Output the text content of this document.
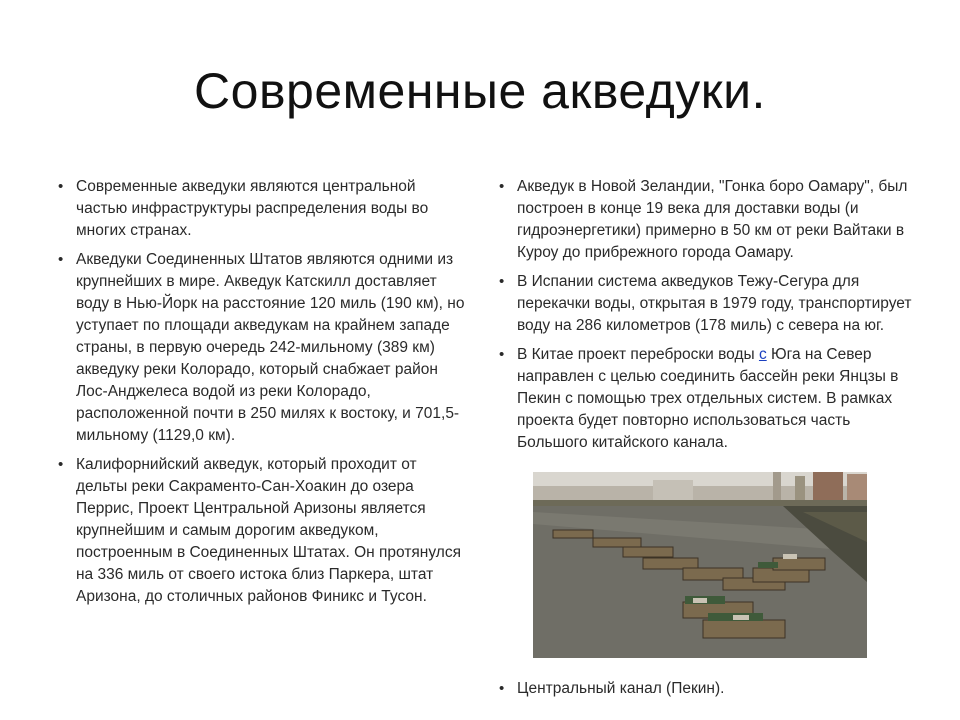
Современные акведуки.
• Современные акведуки являются центральной частью инфраструктуры распределения воды во многих странах.
• Акведуки Соединенных Штатов являются одними из крупнейших в мире. Акведук Катскилл доставляет воду в Нью-Йорк на расстояние 120 миль (190 км), но уступает по площади акведукам на крайнем западе страны, в первую очередь 242-мильному (389 км) акведуку реки Колорадо, который снабжает район Лос-Анджелеса водой из реки Колорадо, расположенной почти в 250 милях к востоку, и 701,5-мильному (1129,0 км).
• Калифорнийский акведук, который проходит от дельты реки Сакраменто-Сан-Хоакин до озера Перрис, Проект Центральной Аризоны является крупнейшим и самым дорогим акведуком, построенным в Соединенных Штатах. Он протянулся на 336 миль от своего истока близ Паркера, штат Аризона, до столичных районов Финикс и Тусон.
• Акведук в Новой Зеландии, "Гонка боро Оамару", был построен в конце 19 века для доставки воды (и гидроэнергетики) примерно в 50 км от реки Вайтаки в Куроу до прибрежного города Оамару.
• В Испании система акведуков Тежу-Сегура для перекачки воды, открытая в 1979 году, транспортирует воду на 286 километров (178 миль) с севера на юг.
• В Китае проект переброски воды с Юга на Север направлен с целью соединить бассейн реки Янцзы в Пекин с помощью трех отдельных систем. В рамках проекта будет повторно использоваться часть Большого китайского канала.
• Центральный канал (Пекин).
